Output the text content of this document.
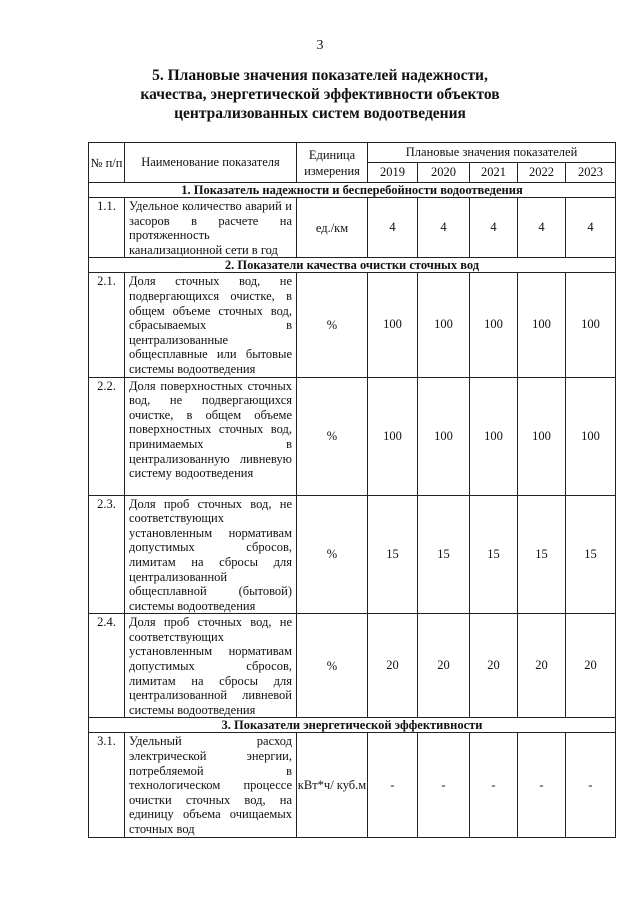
3
5. Плановые значения показателей надежности,
качества, энергетической эффективности объектов
централизованных систем водоотведения
№ п/п	Наименование показателя	Единица измерения	Плановые значения показателей				
			2019	2020	2021	2022	2023
1. Показатель надежности и бесперебойности водоотведения							
1.1.	Удельное количество аварий и засоров в расчете на протяженность канализационной сети в год	ед./км	4	4	4	4	4
2. Показатели качества очистки сточных вод							
2.1.	Доля сточных вод, не подвергающихся очистке, в общем объеме сточных вод, сбрасываемых в централизованные общесплавные или бытовые системы водоотведения	%	100	100	100	100	100
2.2.	Доля поверхностных сточных вод, не подвергающихся очистке, в общем объеме поверхностных сточных вод, принимаемых в централизованную ливневую систему водоотведения	%	100	100	100	100	100
2.3.	Доля проб сточных вод, не соответствующих установленным нормативам допустимых сбросов, лимитам на сбросы для централизованной общесплавной (бытовой) системы водоотведения	%	15	15	15	15	15
2.4.	Доля проб сточных вод, не соответствующих установленным нормативам допустимых сбросов, лимитам на сбросы для централизованной ливневой системы водоотведения	%	20	20	20	20	20
3. Показатели энергетической эффективности							
3.1.	Удельный расход электрической энергии, потребляемой в технологическом процессе очистки сточных вод, на единицу объема очищаемых сточных вод	кВт*ч/ куб.м	-	-	-	-	-
